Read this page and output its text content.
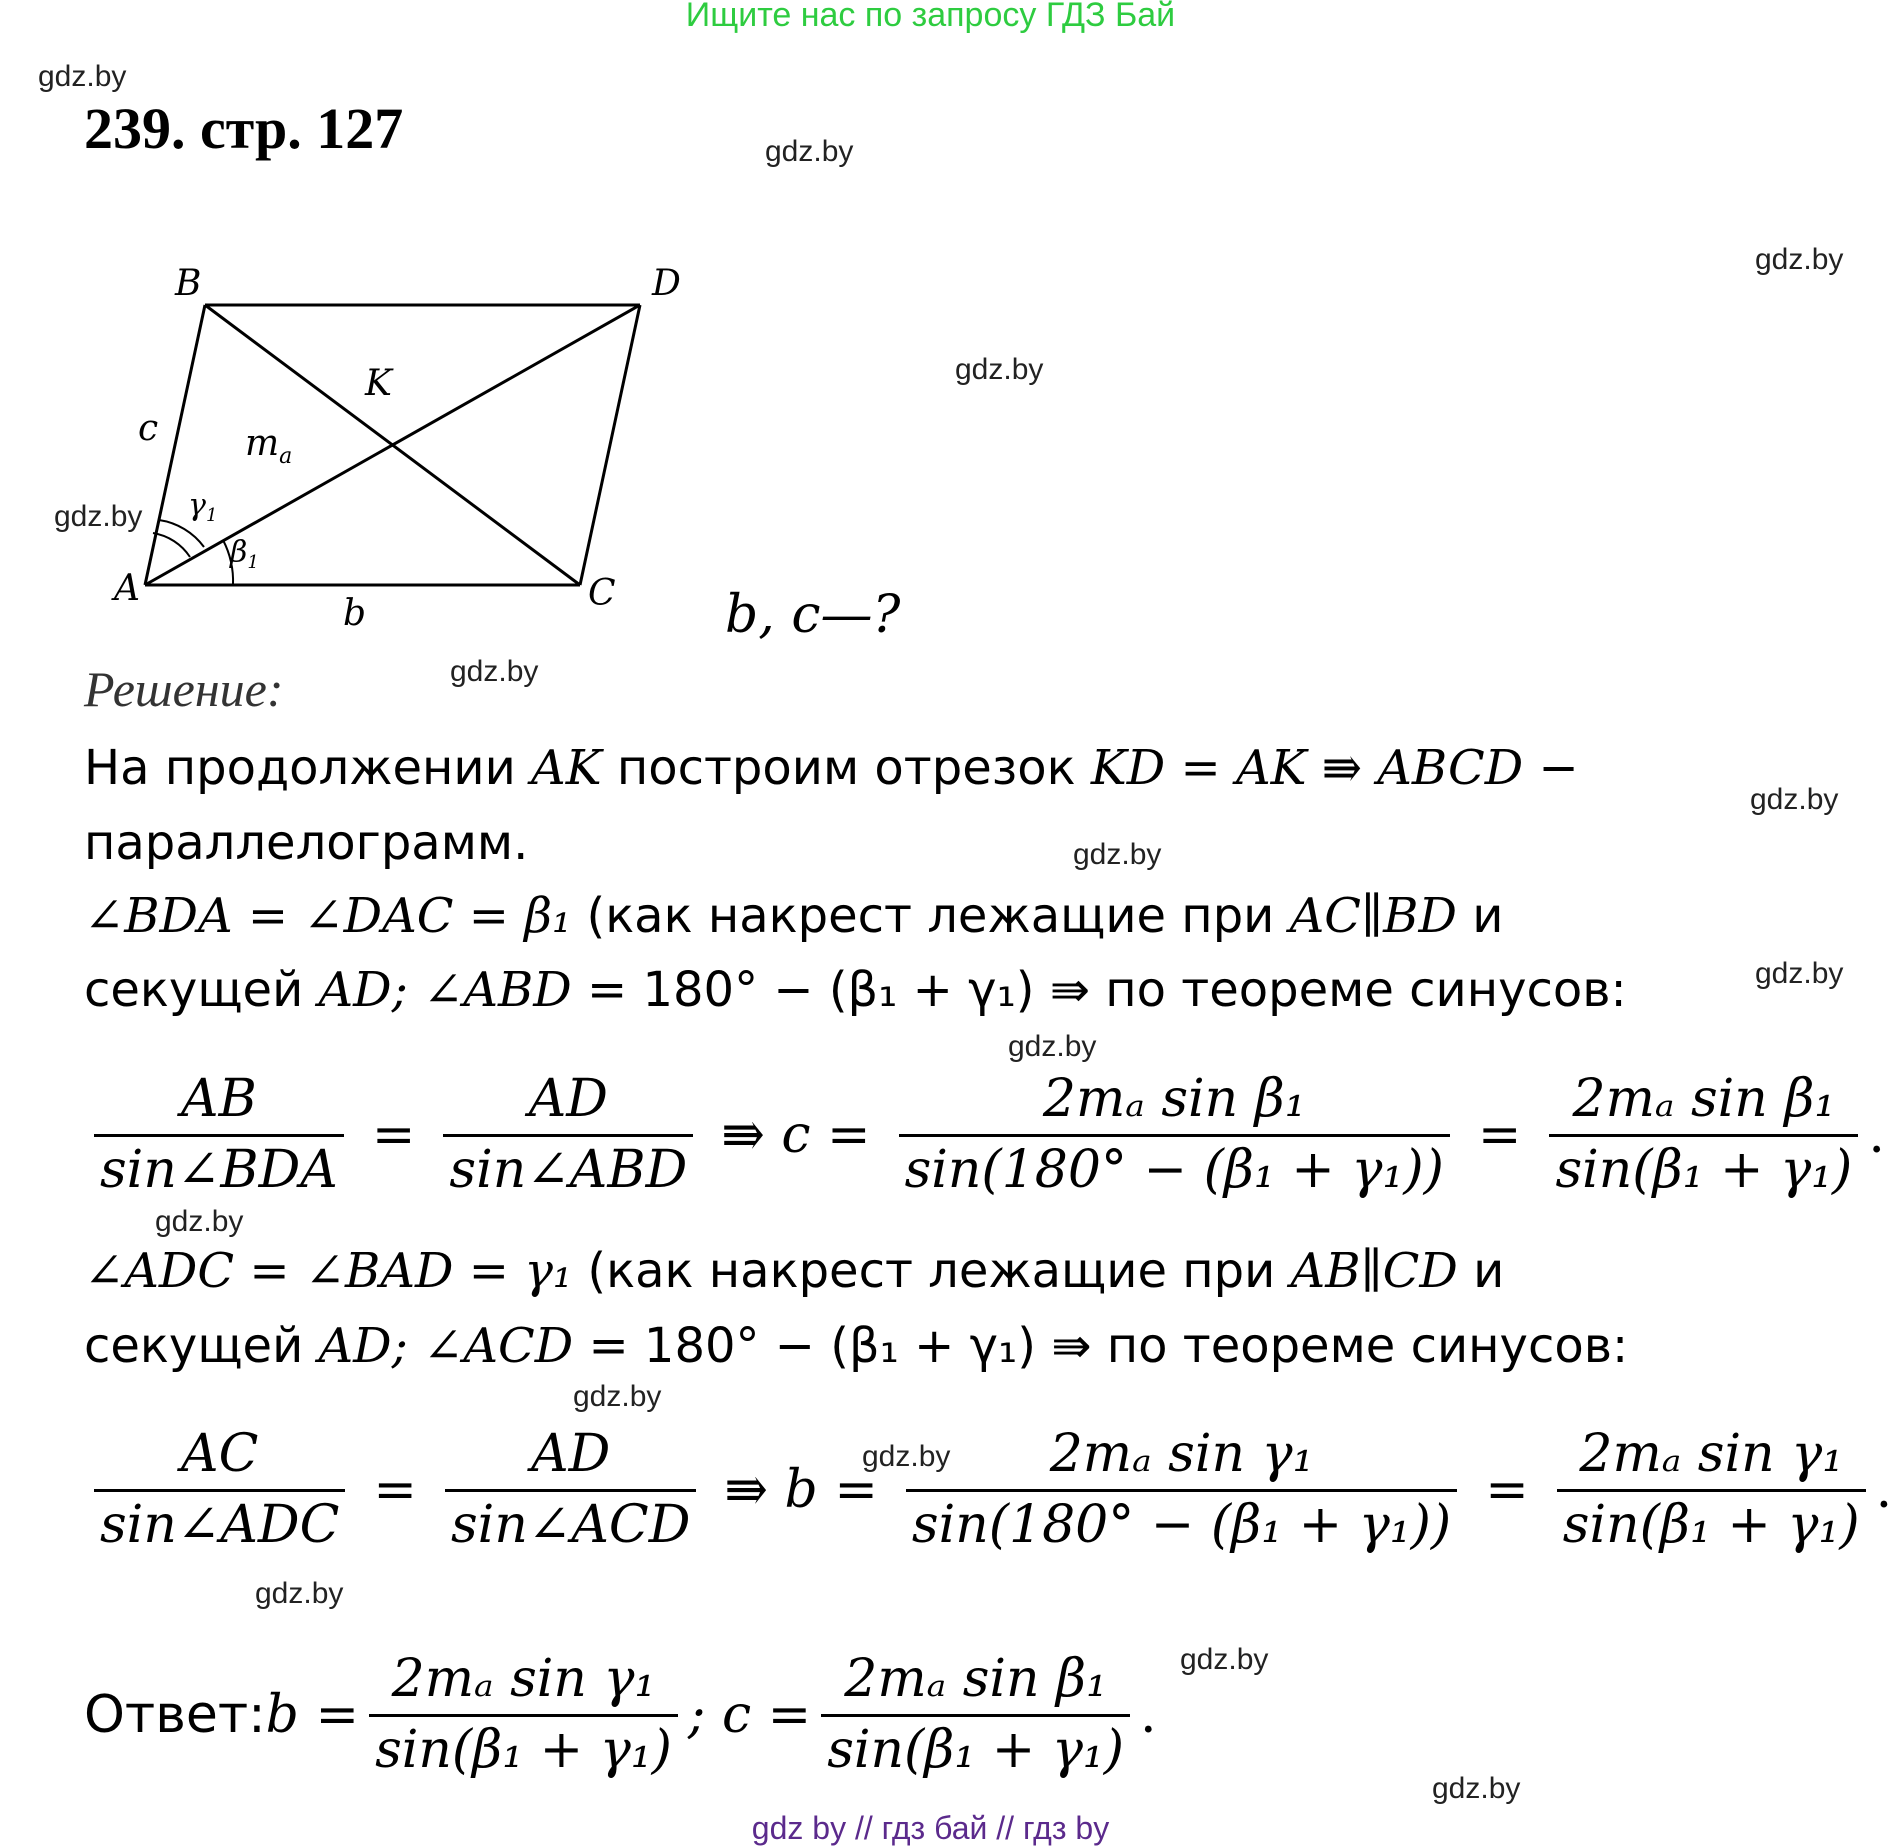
Ищите нас по запросу ГДЗ Бай
gdz.by
gdz.by
gdz.by
gdz.by
gdz.by
gdz.by
gdz.by
gdz.by
gdz.by
gdz.by
gdz.by
gdz.by
gdz.by
gdz.by
gdz.by
gdz.by
239. стр. 127
B	D
K
A	C
c
b
$m_a$
$\gamma_1$
$\beta_1$
b, c—?
Решение:
На продолжении AK построим отрезок KD = AK ⇛ ABCD −
параллелограмм.
∠BDA = ∠DAC = β₁ (как накрест лежащие при AC∥BD и
секущей AD; ∠ABD = 180° − (β₁ + γ₁) ⇛ по теореме синусов:
$\frac{AB}{\text{sin∠BDA}} = \frac{AD}{\text{sin∠ABD}}$ ⇛ $c = \frac{\text{2mₐ sin β₁}}{\text{sin(180° − (β₁ + γ₁))}} = \frac{\text{2mₐ sin β₁}}{\text{sin(β₁ + γ₁)}}$ .
∠ADC = ∠BAD = γ₁ (как накрест лежащие при AB∥CD и
секущей AD; ∠ACD = 180° − (β₁ + γ₁) ⇛ по теореме синусов:
$\frac{AC}{\text{sin∠ADC}} = \frac{AD}{\text{sin∠ACD}}$ ⇛ $b = \frac{\text{2mₐ sin γ₁}}{\text{sin(180° − (β₁ + γ₁))}} = \frac{\text{2mₐ sin γ₁}}{\text{sin(β₁ + γ₁)}}$ .
Ответ: $b = \frac{\text{2mₐ sin γ₁}}{\text{sin(β₁ + γ₁)}}$ ; $c = \frac{\text{2mₐ sin β₁}}{\text{sin(β₁ + γ₁)}}$ .
gdz by // гдз бай // гдз by
